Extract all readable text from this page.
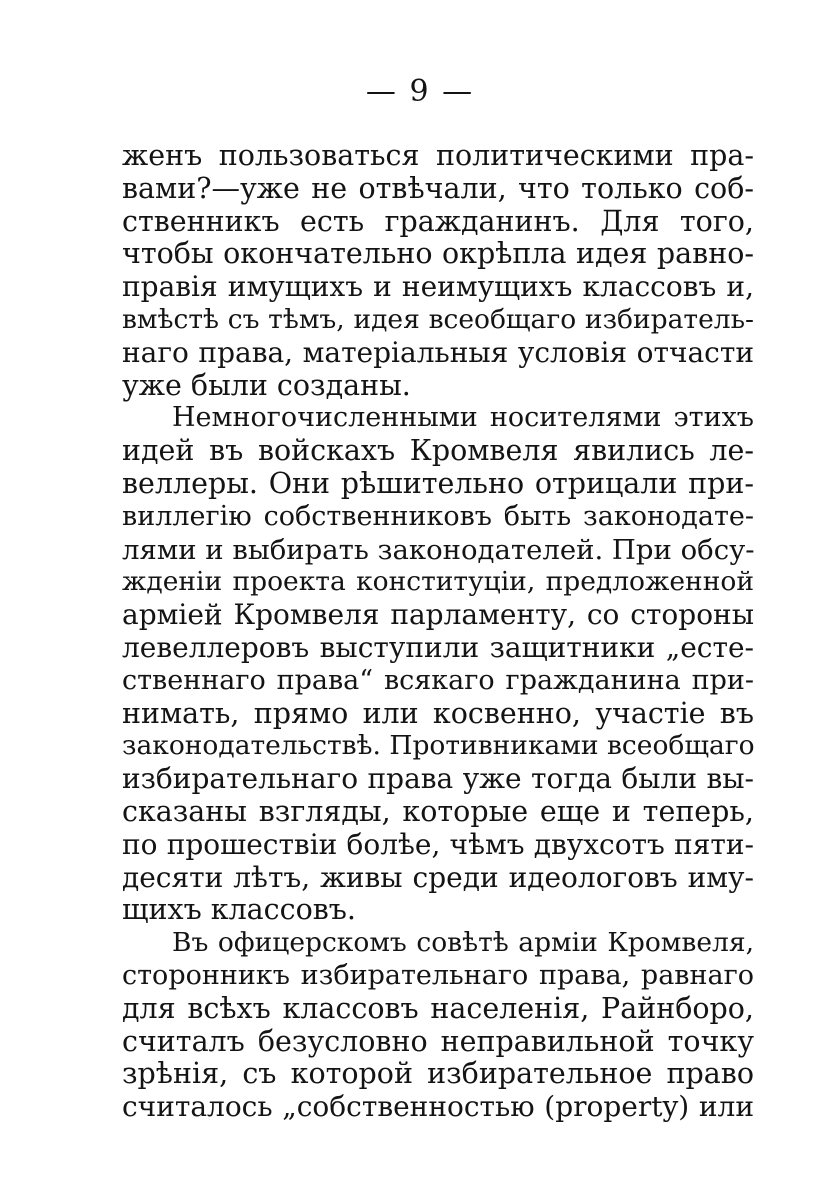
— 9 —
женъ пользоваться политическими пра-
вами?—уже не отвѣчали, что только соб-
ственникъ есть гражданинъ. Для того,
чтобы окончательно окрѣпла идея равно-
правія имущихъ и неимущихъ классовъ и,
вмѣстѣ съ тѣмъ, идея всеобщаго избиратель-
наго права, матеріальныя условія отчасти
уже были созданы.
Немногочисленными носителями этихъ
идей въ войскахъ Кромвеля явились ле-
веллеры. Они рѣшительно отрицали при-
виллегію собственниковъ быть законодате-
лями и выбирать законодателей. При обсу-
жденіи проекта конституціи, предложенной
арміей Кромвеля парламенту, со стороны
левеллеровъ выступили защитники „есте-
ственнаго права“ всякаго гражданина при-
нимать, прямо или косвенно, участіе въ
законодательствѣ. Противниками всеобщаго
избирательнаго права уже тогда были вы-
сказаны взгляды, которые еще и теперь,
по прошествіи болѣе, чѣмъ двухсотъ пяти-
десяти лѣтъ, живы среди идеологовъ иму-
щихъ классовъ.
Въ офицерскомъ совѣтѣ арміи Кромвеля,
сторонникъ избирательнаго права, равнаго
для всѣхъ классовъ населенія, Райнборо,
считалъ безусловно неправильной точку
зрѣнія, съ которой избирательное право
считалось „собственностью (property) или
